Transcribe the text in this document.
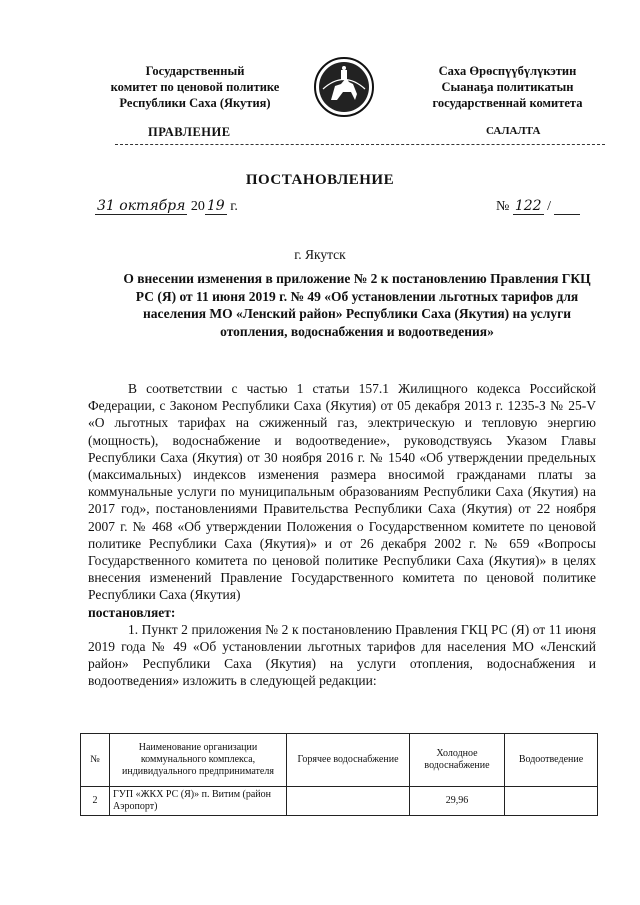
Государственный
комитет по ценовой политике
Республики Саха (Якутия)
Саха Өрөспүүбүлүкэтин
Сыанаҕа политикатын
государственнай комитета
ПРАВЛЕНИЕ	САЛАЛТА
ПОСТАНОВЛЕНИЕ
31 октября 20 19 г.	№ 122 /
г. Якутск
О внесении изменения в приложение № 2 к постановлению Правления ГКЦ РС (Я) от 11 июня 2019 г. № 49 «Об установлении льготных тарифов для населения МО «Ленский район» Республики Саха (Якутия) на услуги отопления, водоснабжения и водоотведения»

В соответствии с частью 1 статьи 157.1 Жилищного кодекса Российской Федерации, с Законом Республики Саха (Якутия) от 05 декабря 2013 г. 1235-З № 25-V «О льготных тарифах на сжиженный газ, электрическую и тепловую энергию (мощность), водоснабжение и водоотведение», руководствуясь Указом Главы Республики Саха (Якутия) от 30 ноября 2016 г. № 1540 «Об утверждении предельных (максимальных) индексов изменения размера вносимой гражданами платы за коммунальные услуги по муниципальным образованиям Республики Саха (Якутия) на 2017 год», постановлениями Правительства Республики Саха (Якутия) от 22 ноября 2007 г. № 468 «Об утверждении Положения о Государственном комитете по ценовой политике Республики Саха (Якутия)» и от 26 декабря 2002 г. № 659 «Вопросы Государственного комитета по ценовой политике Республики Саха (Якутия)» в целях внесения изменений Правление Государственного комитета по ценовой политике Республики Саха (Якутия)

постановляет:

1. Пункт 2 приложения № 2 к постановлению Правления ГКЦ РС (Я) от 11 июня 2019 года № 49 «Об установлении льготных тарифов для населения МО «Ленский район» Республики Саха (Якутия) на услуги отопления, водоснабжения и водоотведения» изложить в следующей редакции:

№	Наименование организации коммунального комплекса, индивидуального предпринимателя	Горячее водоснабжение	Холодное водоснабжение	Водоотведение
2	ГУП «ЖКХ РС (Я)» п. Витим (район Аэропорт)		29,96	
